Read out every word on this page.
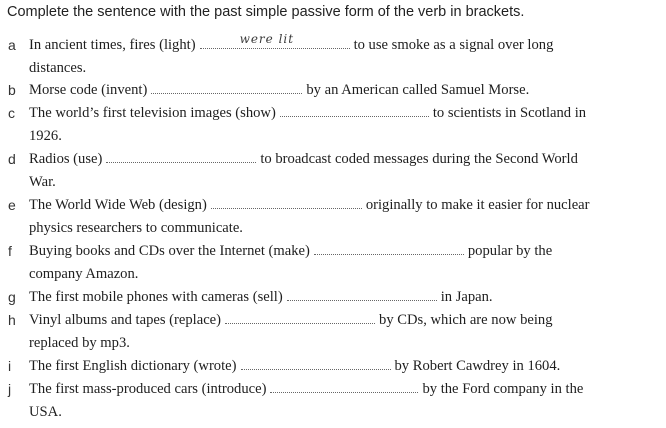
Complete the sentence with the past simple passive form of the verb in brackets.
a In ancient times, fires (light)	were lit	to use smoke as a signal over long
distances.
b Morse code (invent)	by an American called Samuel Morse.
c The world’s first television images (show)	to scientists in Scotland in
1926.
d Radios (use)	to broadcast coded messages during the Second World
War.
e The World Wide Web (design)	originally to make it easier for nuclear
physics researchers to communicate.
f	Buying books and CDs over the Internet (make)	popular by the
company Amazon.
g The first mobile phones with cameras (sell)	in Japan.
h Vinyl albums and tapes (replace)	by CDs, which are now being
replaced by mp3.
i	The first English dictionary (wrote)	by Robert Cawdrey in 1604.
j	The first mass-produced cars (introduce)	by the Ford company in the
USA.
